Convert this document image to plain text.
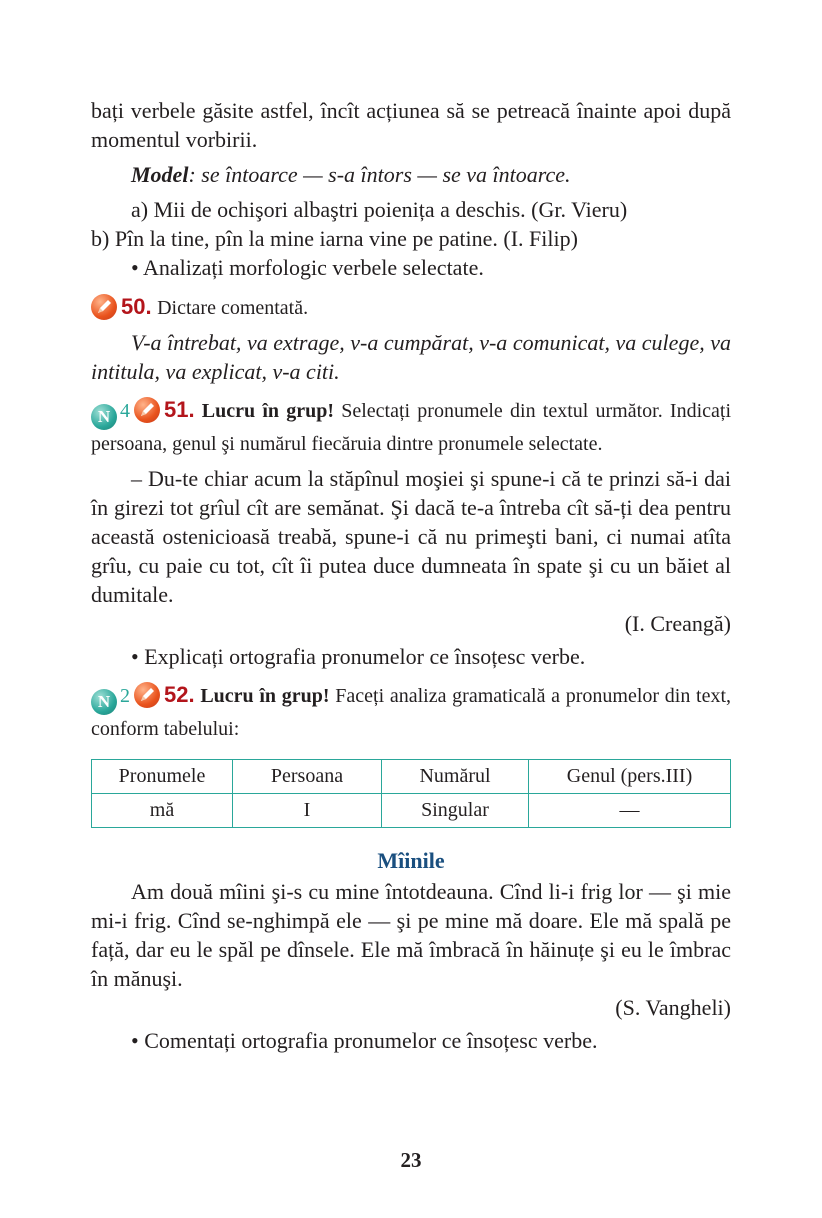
bați verbele găsite astfel, încît acțiunea să se petreacă înainte apoi după momentul vorbirii.

Model: se întoarce — s-a întors — se va întoarce.

a) Mii de ochişori albaştri poienița a deschis. (Gr. Vieru)

b) Pîn la tine, pîn la mine iarna vine pe patine. (I. Filip)

• Analizați morfologic verbele selectate.

50. Dictare comentată.

V-a întrebat, va extrage, v-a cumpărat, v-a comunicat, va culege, va intitula, va explicat, v-a citi.

N 4 51. Lucru în grup! Selectați pronumele din textul următor. Indicați persoana, genul şi numărul fiecăruia dintre pronumele selectate.

– Du-te chiar acum la stăpînul moşiei şi spune-i că te prinzi să-i dai în girezi tot grîul cît are semănat. Şi dacă te-a întreba cît să-ți dea pentru această ostenicioasă treabă, spune-i că nu primeşti bani, ci numai atîta grîu, cu paie cu tot, cît îi putea duce dumneata în spate şi cu un băiet al dumitale.

(I. Creangă)

• Explicați ortografia pronumelor ce însoțesc verbe.

N 2 52. Lucru în grup! Faceți analiza gramaticală a pronumelor din text, conform tabelului:

Pronumele	Persoana	Numărul	Genul (pers.III)
mă	I	Singular	—
Mîinile

Am două mîini şi-s cu mine întotdeauna. Cînd li-i frig lor — şi mie mi-i frig. Cînd se-nghimpă ele — şi pe mine mă doare. Ele mă spală pe față, dar eu le spăl pe dînsele. Ele mă îmbracă în hăinuțe şi eu le îmbrac în mănuşi.

(S. Vangheli)

• Comentați ortografia pronumelor ce însoțesc verbe.

23
